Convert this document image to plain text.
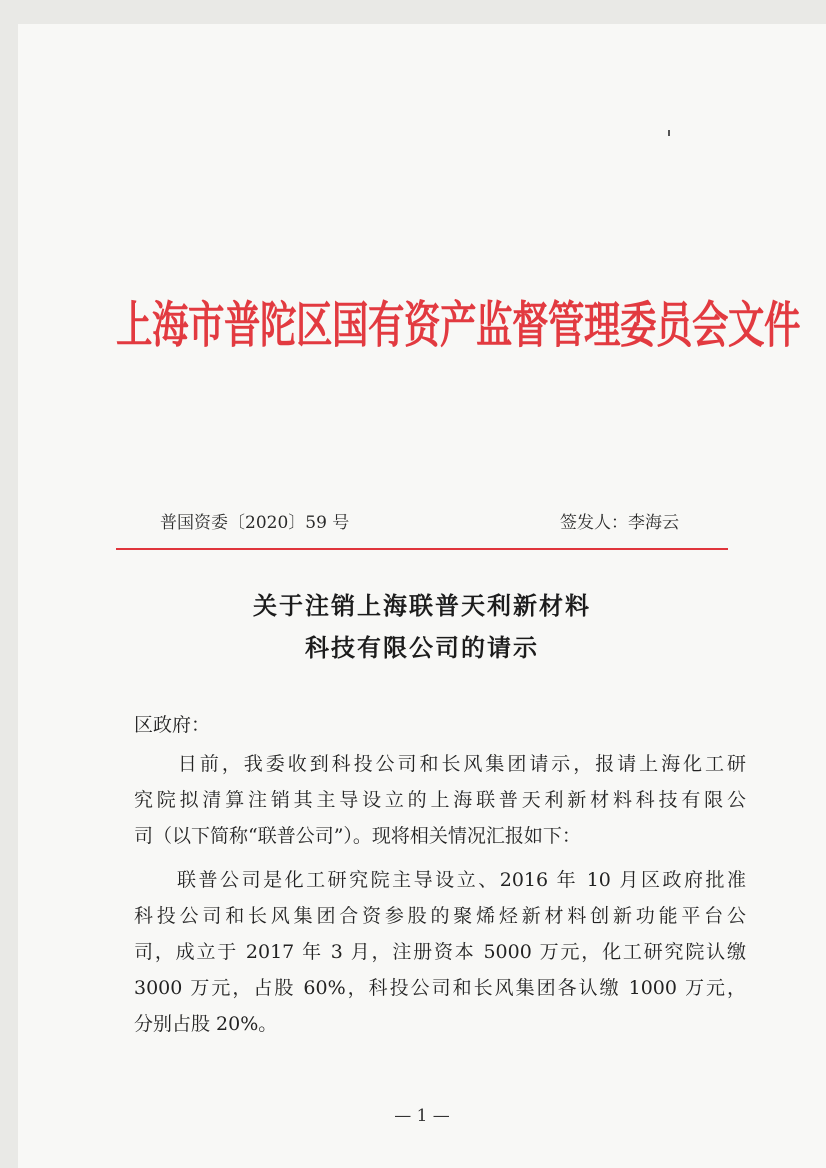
上海市普陀区国有资产监督管理委员会文件
普国资委〔2020〕59 号	签发人：李海云
关于注销上海联普天利新材料
科技有限公司的请示
区政府：
　　日前，我委收到科投公司和长风集团请示，报请上海化工研
究院拟清算注销其主导设立的上海联普天利新材料科技有限公
司（以下简称“联普公司”）。现将相关情况汇报如下：
　　联普公司是化工研究院主导设立、2016 年 10 月区政府批准
科投公司和长风集团合资参股的聚烯烃新材料创新功能平台公
司，成立于 2017 年 3 月，注册资本 5000 万元，化工研究院认缴
3000 万元，占股 60%，科投公司和长风集团各认缴 1000 万元，
分别占股 20%。
— 1 —
